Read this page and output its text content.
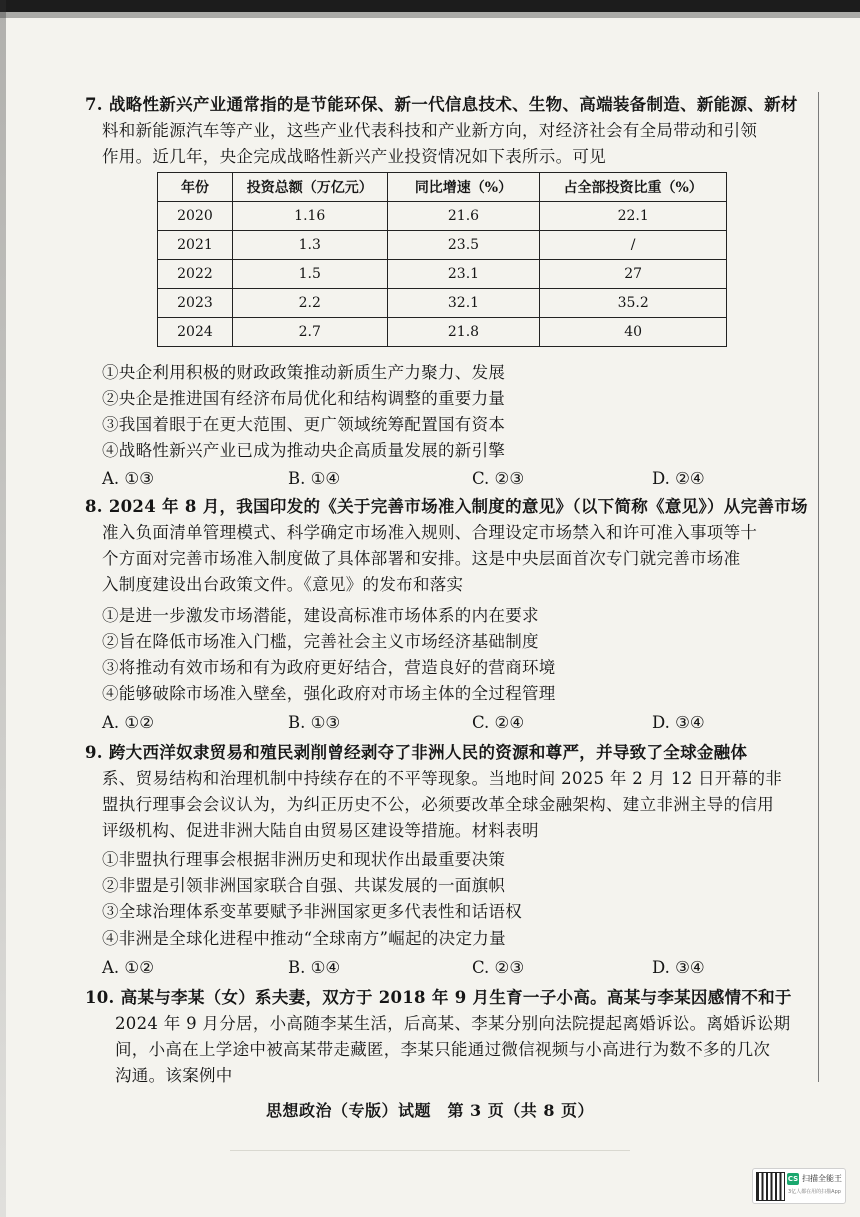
7. 战略性新兴产业通常指的是节能环保、新一代信息技术、生物、高端装备制造、新能源、新材
料和新能源汽车等产业，这些产业代表科技和产业新方向，对经济社会有全局带动和引领
作用。近几年，央企完成战略性新兴产业投资情况如下表所示。可见
年份	投资总额（万亿元）	同比增速（%）	占全部投资比重（%）
2020	1.16	21.6	22.1
2021	1.3	23.5	/
2022	1.5	23.1	27
2023	2.2	32.1	35.2
2024	2.7	21.8	40
①央企利用积极的财政政策推动新质生产力聚力、发展
②央企是推进国有经济布局优化和结构调整的重要力量
③我国着眼于在更大范围、更广领域统筹配置国有资本
④战略性新兴产业已成为推动央企高质量发展的新引擎
A. ①③	B. ①④	C. ②③	D. ②④
8. 2024 年 8 月，我国印发的《关于完善市场准入制度的意见》（以下简称《意见》）从完善市场
准入负面清单管理模式、科学确定市场准入规则、合理设定市场禁入和许可准入事项等十
个方面对完善市场准入制度做了具体部署和安排。这是中央层面首次专门就完善市场准
入制度建设出台政策文件。《意见》的发布和落实
①是进一步激发市场潜能，建设高标准市场体系的内在要求
②旨在降低市场准入门槛，完善社会主义市场经济基础制度
③将推动有效市场和有为政府更好结合，营造良好的营商环境
④能够破除市场准入壁垒，强化政府对市场主体的全过程管理
A. ①②	B. ①③	C. ②④	D. ③④
9. 跨大西洋奴隶贸易和殖民剥削曾经剥夺了非洲人民的资源和尊严，并导致了全球金融体
系、贸易结构和治理机制中持续存在的不平等现象。当地时间 2025 年 2 月 12 日开幕的非
盟执行理事会会议认为，为纠正历史不公，必须要改革全球金融架构、建立非洲主导的信用
评级机构、促进非洲大陆自由贸易区建设等措施。材料表明
①非盟执行理事会根据非洲历史和现状作出最重要决策
②非盟是引领非洲国家联合自强、共谋发展的一面旗帜
③全球治理体系变革要赋予非洲国家更多代表性和话语权
④非洲是全球化进程中推动“全球南方”崛起的决定力量
A. ①②	B. ①④	C. ②③	D. ③④
10. 高某与李某（女）系夫妻，双方于 2018 年 9 月生育一子小高。高某与李某因感情不和于
2024 年 9 月分居，小高随李某生活，后高某、李某分别向法院提起离婚诉讼。离婚诉讼期
间，小高在上学途中被高某带走藏匿，李某只能通过微信视频与小高进行为数不多的几次
沟通。该案例中
思想政治（专版）试题　第 3 页（共 8 页）
CS 扫描全能王
3亿人都在用的扫描App
